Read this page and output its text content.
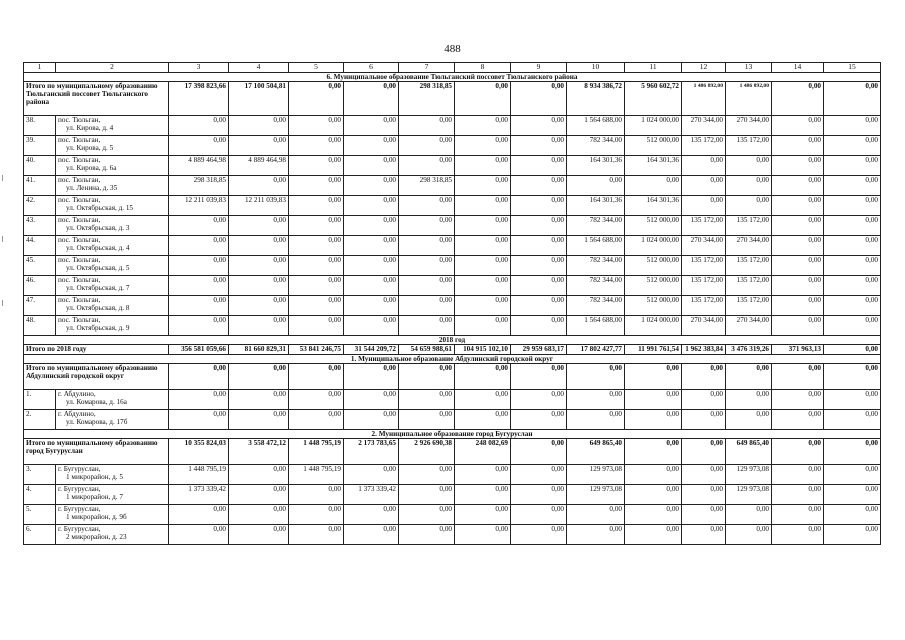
488
1	2	3	4	5	6	7	8	9	10	11	12	13	14	15
6. Муниципальное образование Тюльганский поссовет Тюльганского района														
Итого по муниципальному образованию Тюльганский поссовет Тюльганского района		17 398 823,66	17 100 504,81	0,00	0,00	298 318,85	0,00	0,00	8 934 386,72	5 960 602,72	1 486 892,00	1 486 892,00	0,00	0,00
38.	пос. Тюльган,
ул. Кирова, д. 4	0,00	0,00	0,00	0,00	0,00	0,00	0,00	1 564 688,00	1 024 000,00	270 344,00	270 344,00	0,00	0,00
39.	пос. Тюльган,
ул. Кирова, д. 5	0,00	0,00	0,00	0,00	0,00	0,00	0,00	782 344,00	512 000,00	135 172,00	135 172,00	0,00	0,00
40.	пос. Тюльган,
ул. Кирова, д. 6а	4 889 464,98	4 889 464,98	0,00	0,00	0,00	0,00	0,00	164 301,36	164 301,36	0,00	0,00	0,00	0,00
41.	пос. Тюльган,
ул. Ленина, д. 35	298 318,85	0,00	0,00	0,00	298 318,85	0,00	0,00	0,00	0,00	0,00	0,00	0,00	0,00
42.	пос. Тюльган,
ул. Октябрьская, д. 15	12 211 039,83	12 211 039,83	0,00	0,00	0,00	0,00	0,00	164 301,36	164 301,36	0,00	0,00	0,00	0,00
43.	пос. Тюльган,
ул. Октябрьская, д. 3	0,00	0,00	0,00	0,00	0,00	0,00	0,00	782 344,00	512 000,00	135 172,00	135 172,00	0,00	0,00
44.	пос. Тюльган,
ул. Октябрьская, д. 4	0,00	0,00	0,00	0,00	0,00	0,00	0,00	1 564 688,00	1 024 000,00	270 344,00	270 344,00	0,00	0,00
45.	пос. Тюльган,
ул. Октябрьская, д. 5	0,00	0,00	0,00	0,00	0,00	0,00	0,00	782 344,00	512 000,00	135 172,00	135 172,00	0,00	0,00
46.	пос. Тюльган,
ул. Октябрьская, д. 7	0,00	0,00	0,00	0,00	0,00	0,00	0,00	782 344,00	512 000,00	135 172,00	135 172,00	0,00	0,00
47.	пос. Тюльган,
ул. Октябрьская, д. 8	0,00	0,00	0,00	0,00	0,00	0,00	0,00	782 344,00	512 000,00	135 172,00	135 172,00	0,00	0,00
48.	пос. Тюльган,
ул. Октябрьская, д. 9	0,00	0,00	0,00	0,00	0,00	0,00	0,00	1 564 688,00	1 024 000,00	270 344,00	270 344,00	0,00	0,00
2018 год														
Итого по 2018 году		356 581 059,66	81 660 829,31	53 841 246,75	31 544 209,72	54 659 988,61	104 915 102,10	29 959 683,17	17 802 427,77	11 991 761,54	1 962 383,84	3 476 319,26	371 963,13	0,00
1. Муниципальное образование Абдулинский городской округ														
Итого по муниципальному образованию Абдулинский городской округ		0,00	0,00	0,00	0,00	0,00	0,00	0,00	0,00	0,00	0,00	0,00	0,00	0,00
1.	г. Абдулино,
ул. Комарова, д. 16а	0,00	0,00	0,00	0,00	0,00	0,00	0,00	0,00	0,00	0,00	0,00	0,00	0,00
2.	г. Абдулино,
ул. Комарова, д. 17б	0,00	0,00	0,00	0,00	0,00	0,00	0,00	0,00	0,00	0,00	0,00	0,00	0,00
2. Муниципальное образование город Бугуруслан														
Итого по муниципальному образованию город Бугуруслан		10 355 824,03	3 558 472,12	1 448 795,19	2 173 783,65	2 926 690,38	248 082,69	0,00	649 865,40	0,00	0,00	649 865,40	0,00	0,00
3.	г. Бугуруслан,
1 микрорайон, д. 5	1 448 795,19	0,00	1 448 795,19	0,00	0,00	0,00	0,00	129 973,08	0,00	0,00	129 973,08	0,00	0,00
4.	г. Бугуруслан,
1 микрорайон, д. 7	1 373 339,42	0,00	0,00	1 373 339,42	0,00	0,00	0,00	129 973,08	0,00	0,00	129 973,08	0,00	0,00
5.	г. Бугуруслан,
1 микрорайон, д. 9б	0,00	0,00	0,00	0,00	0,00	0,00	0,00	0,00	0,00	0,00	0,00	0,00	0,00
6.	г. Бугуруслан,
2 микрорайон, д. 23	0,00	0,00	0,00	0,00	0,00	0,00	0,00	0,00	0,00	0,00	0,00	0,00	0,00
